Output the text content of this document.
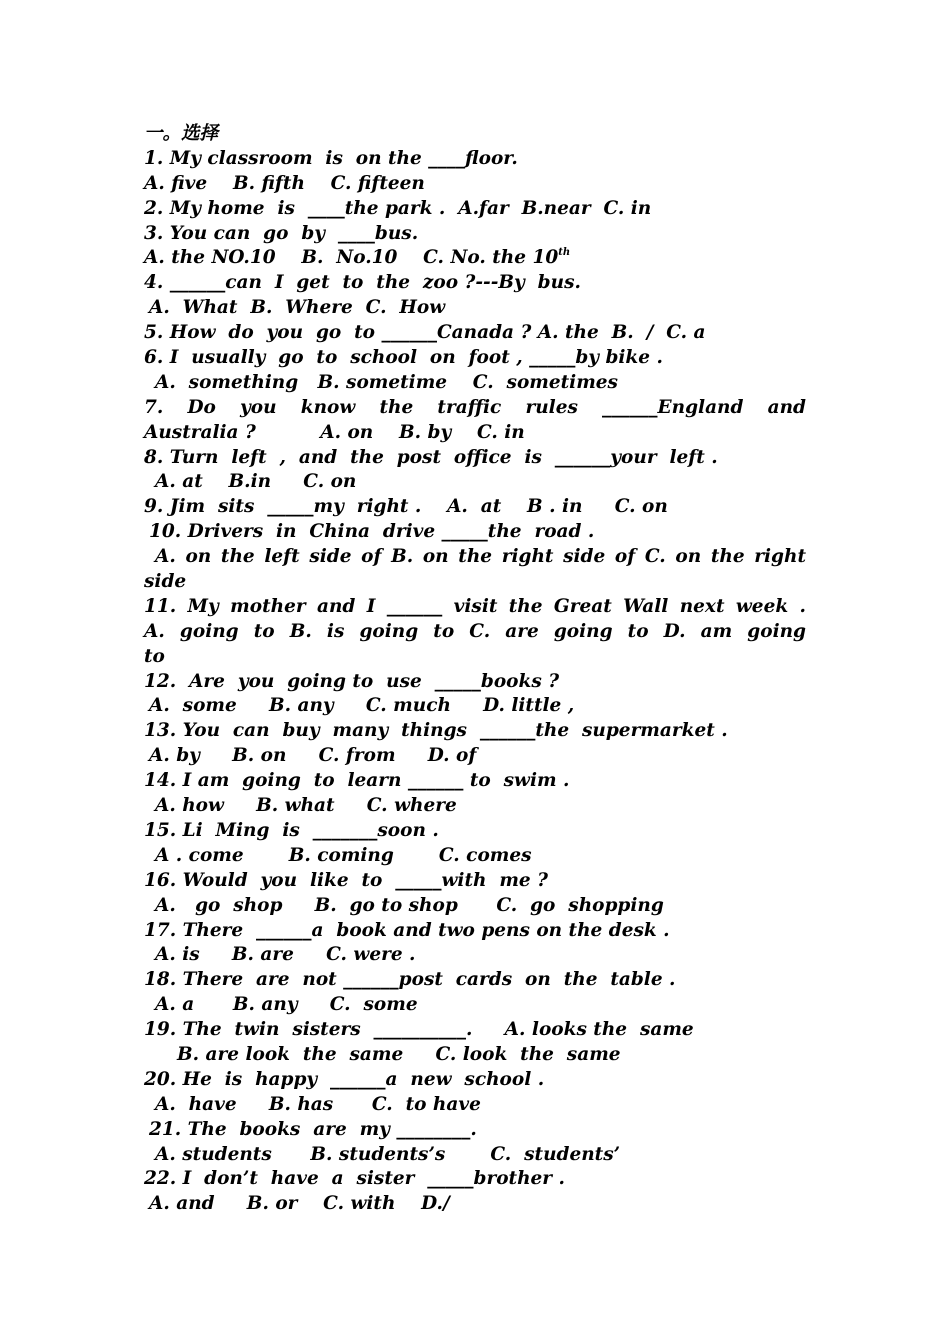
一。选择
1. My classroom  is  on the ____floor.
A. five    B. fifth    C. fifteen
2. My home  is  ____the park .  A.far  B.near  C. in
3. You can  go  by  ____bus.
A. the NO.10    B.  No.10    C. No. the 10th
4. ______can  I  get  to  the  zoo ?---By  bus.
A.  What  B.  Where  C.  How
5. How  do  you  go  to ______Canada ? A. the  B.  /  C. a
6. I  usually  go  to  school  on  foot , _____by bike .
A.  something   B. sometime    C.  sometimes
7. Do you know the traffic rules ______England and
Australia ?          A. on    B. by    C. in
8. Turn  left  ,  and  the  post  office  is  ______your  left .
A. at    B.in     C. on
9. Jim  sits  _____my  right .    A.  at    B . in     C. on
10. Drivers  in  China  drive _____the  road .
A. on the left side of B. on the right side of C. on the right
side
11. My mother and I ______ visit the Great Wall next week .
A. going to B. is going to C. are going to D. am going
to
12.  Are  you  going to  use  _____books ?
A.  some     B. any     C. much     D. little ,
13. You  can  buy  many  things  ______the  supermarket .
A. by     B. on     C. from     D. of
14. I am  going  to  learn ______ to  swim .
A. how     B. what     C. where
15. Li  Ming  is  _______soon .
A . come       B. coming       C. comes
16. Would  you  like  to  _____with  me ?
A.   go  shop     B.  go to shop      C.  go  shopping
17. There  ______a  book and two pens on the desk .
A. is     B. are     C. were .
18. There  are  not ______post  cards  on  the  table .
A. a      B. any     C.  some
19. The  twin  sisters  __________.     A. looks the  same
B. are look  the  same     C. look  the  same
20. He  is  happy  ______a  new  school .
A.  have     B. has      C.  to have
21. The  books  are  my ________.
A. students      B. students’s       C.  students’
22. I  don’t  have  a  sister  _____brother .
A. and     B. or    C. with    D./
